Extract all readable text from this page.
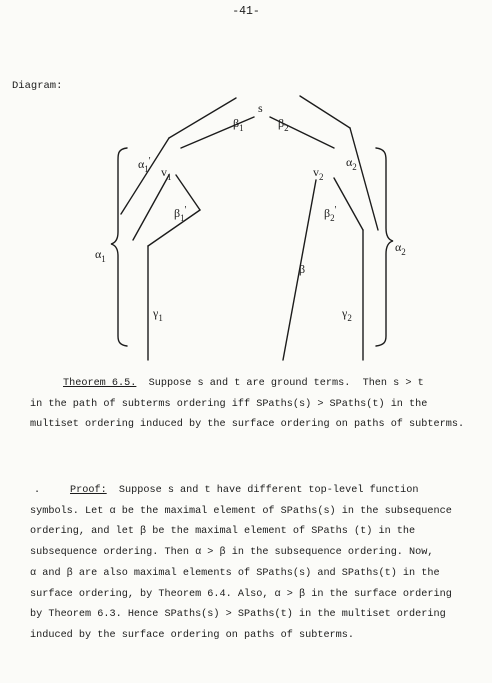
-41-
Diagram:
s
$\beta_1$	$\beta_2$
$v_1$	$v_2$
$\alpha_1'$	$\alpha_2'$
$\beta_1'$	$\beta_2'$
β
$\gamma_1$	$\gamma_2$
$\alpha_1$
$\alpha_2$
Theorem 6.5.  Suppose s and t are ground terms.  Then s > t
in the path of subterms ordering iff SPaths(s) > SPaths(t) in the
multiset ordering induced by the surface ordering on paths of subterms.
.	Proof:  Suppose s and t have different top-level function
symbols. Let α be the maximal element of SPaths(s) in the subsequence
ordering, and let β be the maximal element of SPaths (t) in the
subsequence ordering. Then α > β in the subsequence ordering. Now,
α and β are also maximal elements of SPaths(s) and SPaths(t) in the
surface ordering, by Theorem 6.4. Also, α > β in the surface ordering
by Theorem 6.3. Hence SPaths(s) > SPaths(t) in the multiset ordering
induced by the surface ordering on paths of subterms.
